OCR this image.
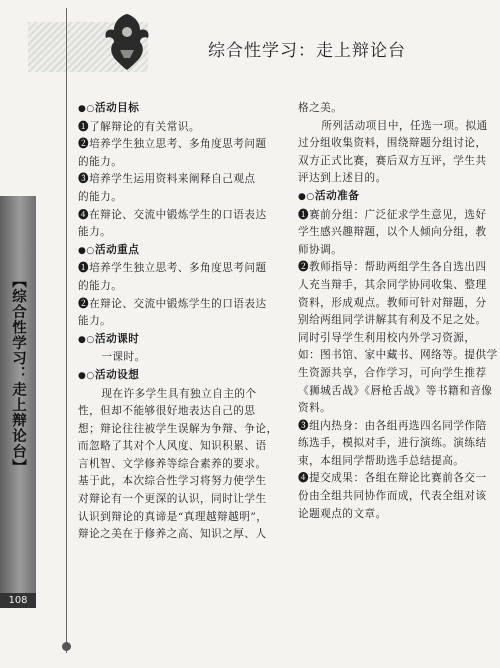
综合性学习：走上辩论台
【综合性学习：走上辩论台】
108
●○活动目标
❶了解辩论的有关常识。
❷培养学生独立思考、多角度思考问题
的能力。
❸培养学生运用资料来阐释自己观点
的能力。
❹在辩论、交流中锻炼学生的口语表达
能力。
●○活动重点
❶培养学生独立思考、多角度思考问题
的能力。
❷在辩论、交流中锻炼学生的口语表达
能力。
●○活动课时
一课时。
●○活动设想
现在许多学生具有独立自主的个
性，但却不能够很好地表达自己的思
想；辩论往往被学生误解为争辩、争论，
而忽略了其对个人风度、知识积累、语
言机智、文学修养等综合素养的要求。
基于此，本次综合性学习将努力使学生
对辩论有一个更深的认识，同时让学生
认识到辩论的真谛是“真理越辩越明”，
辩论之美在于修养之高、知识之厚、人
格之美。
所列活动项目中，任选一项。拟通
过分组收集资料，围绕辩题分组讨论，
双方正式比赛，赛后双方互评，学生共
评达到上述目的。
●○活动准备
❶赛前分组：广泛征求学生意见，选好
学生感兴趣辩题，以个人倾向分组，教
师协调。
❷教师指导：帮助两组学生各自选出四
人充当辩手，其余同学协同收集、整理
资料，形成观点。教师可针对辩题，分
别给两组同学讲解其有利及不足之处。
同时引导学生利用校内外学习资源，
如：图书馆、家中藏书、网络等。提供学
生资源共享，合作学习，可向学生推荐
《狮城舌战》《唇枪舌战》等书籍和音像
资料。
❸组内热身：由各组再选四名同学作陪
练选手，模拟对手，进行演练。演练结
束，本组同学帮助选手总结提高。
❹提交成果：各组在辩论比赛前各交一
份由全组共同协作而成，代表全组对该
论题观点的文章。
